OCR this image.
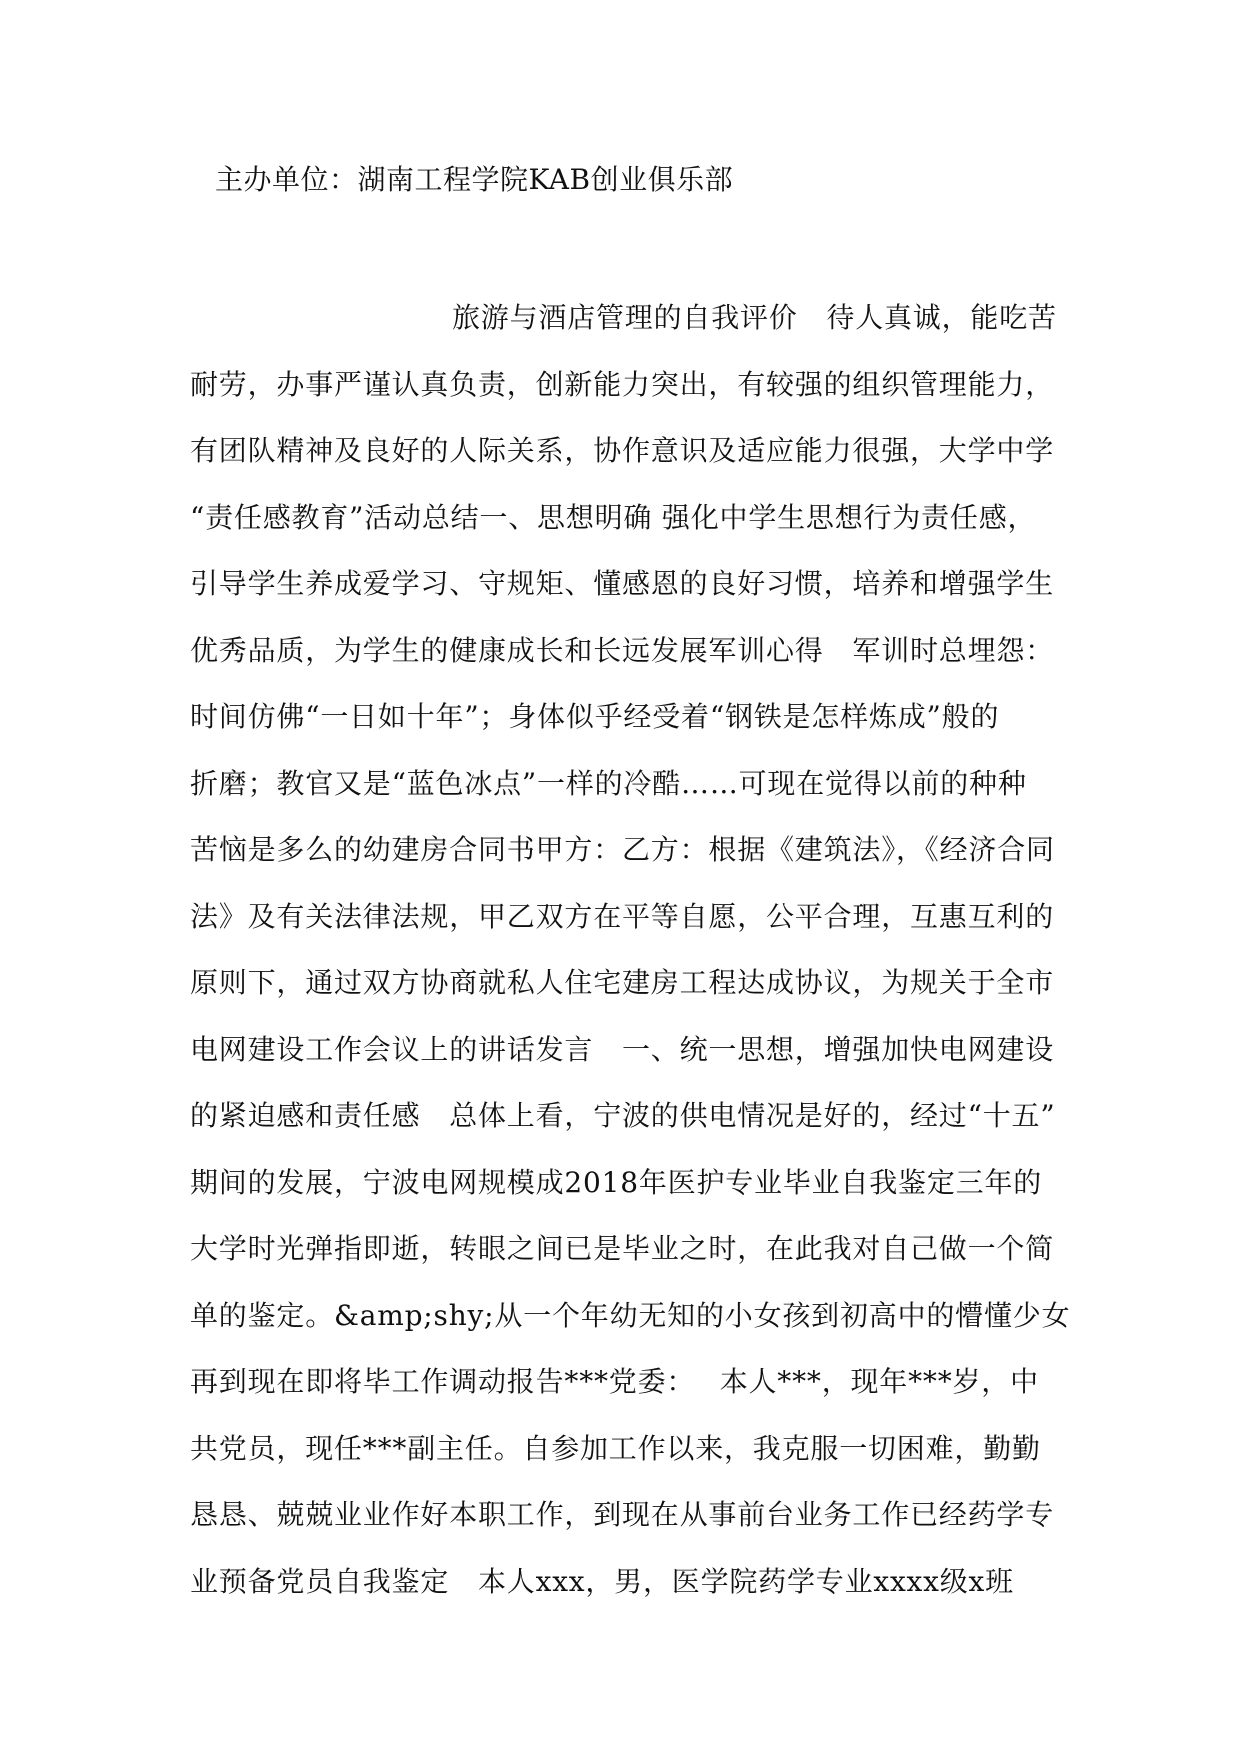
主办单位：湖南工程学院KAB创业俱乐部
旅游与酒店管理的自我评价　待人真诚，能吃苦
耐劳，办事严谨认真负责，创新能力突出，有较强的组织管理能力，
有团队精神及良好的人际关系，协作意识及适应能力很强，大学中学
“责任感教育”活动总结一、思想明确 强化中学生思想行为责任感，
引导学生养成爱学习、守规矩、懂感恩的良好习惯，培养和增强学生
优秀品质，为学生的健康成长和长远发展军训心得　军训时总埋怨：
时间仿佛“一日如十年”；身体似乎经受着“钢铁是怎样炼成”般的
折磨；教官又是“蓝色冰点”一样的冷酷……可现在觉得以前的种种
苦恼是多么的幼建房合同书甲方：乙方：根据《建筑法》，《经济合同
法》及有关法律法规，甲乙双方在平等自愿，公平合理，互惠互利的
原则下，通过双方协商就私人住宅建房工程达成协议，为规关于全市
电网建设工作会议上的讲话发言　一、统一思想，增强加快电网建设
的紧迫感和责任感　总体上看，宁波的供电情况是好的，经过“十五”
期间的发展，宁波电网规模成2018年医护专业毕业自我鉴定三年的
大学时光弹指即逝，转眼之间已是毕业之时，在此我对自己做一个简
单的鉴定。&amp;shy;从一个年幼无知的小女孩到初高中的懵懂少女
再到现在即将毕工作调动报告***党委：　 本人***，现年***岁，中
共党员，现任***副主任。自参加工作以来，我克服一切困难，勤勤
恳恳、兢兢业业作好本职工作，到现在从事前台业务工作已经药学专
业预备党员自我鉴定　本人xxx，男，医学院药学专业xxxx级x班
